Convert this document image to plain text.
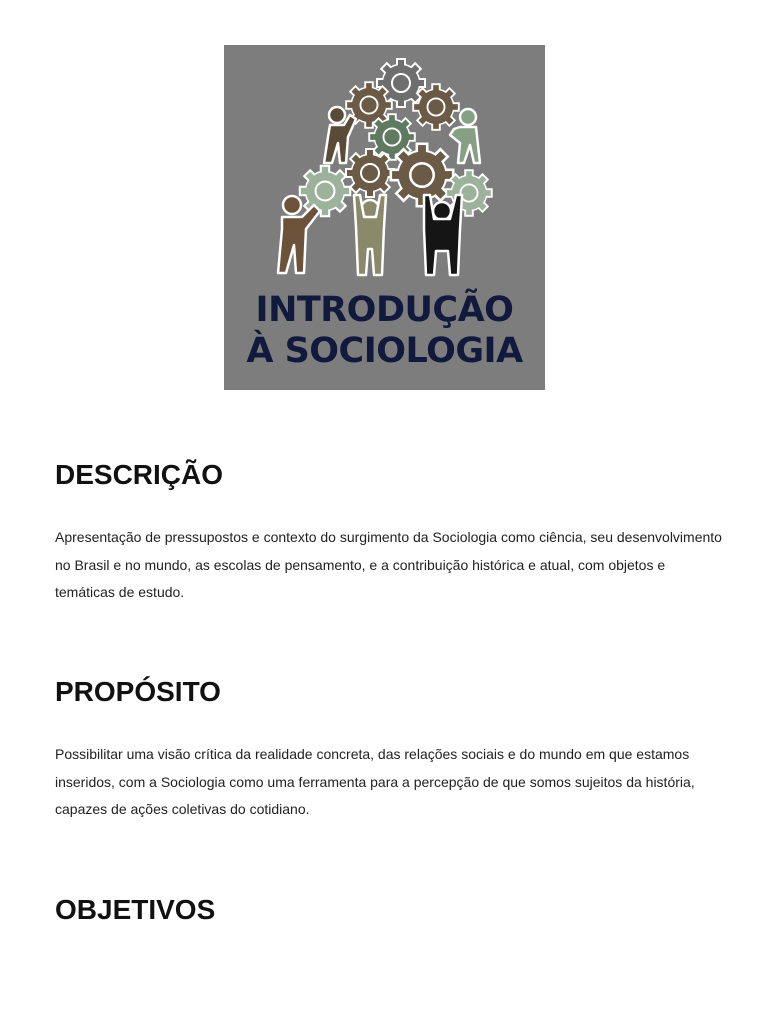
INTRODUÇÃO
À SOCIOLOGIA
DESCRIÇÃO

Apresentação de pressupostos e contexto do surgimento da Sociologia como ciência, seu desenvolvimento no Brasil e no mundo, as escolas de pensamento, e a contribuição histórica e atual, com objetos e temáticas de estudo.

PROPÓSITO

Possibilitar uma visão crítica da realidade concreta, das relações sociais e do mundo em que estamos inseridos, com a Sociologia como uma ferramenta para a percepção de que somos sujeitos da história, capazes de ações coletivas do cotidiano.

OBJETIVOS
